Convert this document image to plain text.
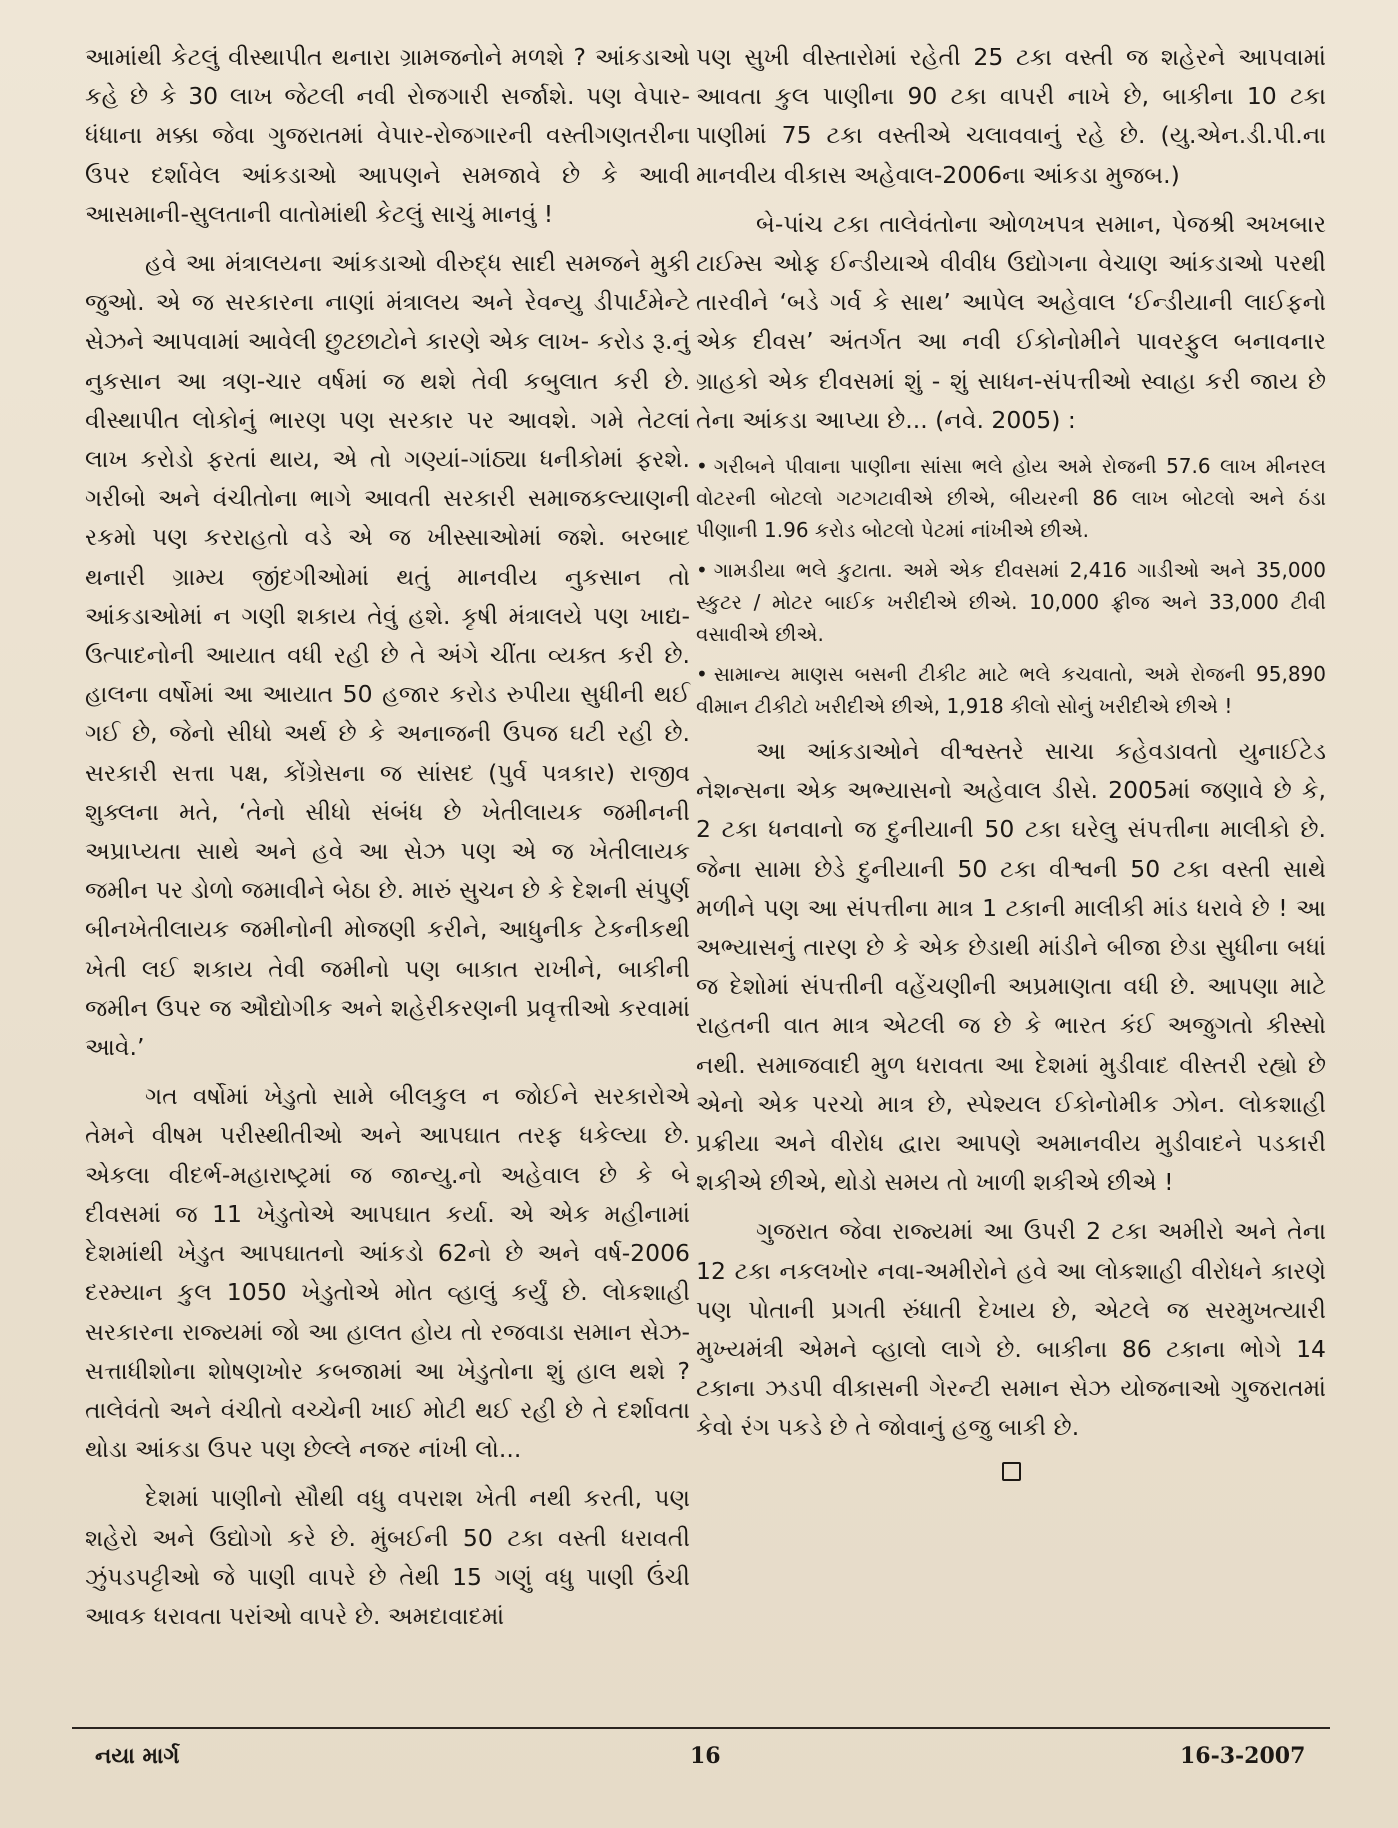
આમાંથી કેટલું વીસ્થાપીત થનારા ગ્રામજનોને મળશે ? આંકડાઓ કહે છે કે 30 લાખ જેટલી નવી રોજગારી સર્જાશે. પણ વેપાર-ધંધાના મક્કા જેવા ગુજરાતમાં વેપાર-રોજગારની વસ્તીગણતરીના ઉપર દર્શાવેલ આંકડાઓ આપણને સમજાવે છે કે આવી આસમાની-સુલતાની વાતોમાંથી કેટલું સાચું માનવું !

હવે આ મંત્રાલયના આંકડાઓ વીરુદ્ધ સાદી સમજને મુકી જુઓ. એ જ સરકારના નાણાં મંત્રાલય અને રેવન્યુ ડીપાર્ટમેન્ટે સેઝને આપવામાં આવેલી છુટછાટોને કારણે એક લાખ- કરોડ રૂ.નું નુકસાન આ ત્રણ-ચાર વર્ષમાં જ થશે તેવી કબુલાત કરી છે. વીસ્થાપીત લોકોનું ભારણ પણ સરકાર પર આવશે. ગમે તેટલાં લાખ કરોડો ફરતાં થાય, એ તો ગણ્યાં-ગાંઠ્યા ધનીકોમાં ફરશે. ગરીબો અને વંચીતોના ભાગે આવતી સરકારી સમાજકલ્યાણની રકમો પણ કરરાહતો વડે એ જ ખીસ્સાઓમાં જશે. બરબાદ થનારી ગ્રામ્ય જીંદગીઓમાં થતું માનવીય નુકસાન તો આંકડાઓમાં ન ગણી શકાય તેવું હશે. કૃષી મંત્રાલયે પણ ખાદ્ય- ઉત્પાદનોની આયાત વધી રહી છે તે અંગે ચીંતા વ્યક્ત કરી છે. હાલના વર્ષોમાં આ આયાત 50 હજાર કરોડ રુપીયા સુધીની થઈ ગઈ છે, જેનો સીધો અર્થ છે કે અનાજની ઉપજ ઘટી રહી છે. સરકારી સત્તા પક્ષ, કોંગ્રેસના જ સાંસદ (પુર્વ પત્રકાર) રાજીવ શુક્લના મતે, ‘તેનો સીધો સંબંધ છે ખેતીલાયક જમીનની અપ્રાપ્યતા સાથે અને હવે આ સેઝ પણ એ જ ખેતીલાયક જમીન પર ડોળો જમાવીને બેઠા છે. મારું સુચન છે કે દેશની સંપુર્ણ બીનખેતીલાયક જમીનોની મોજણી કરીને, આધુનીક ટેકનીકથી ખેતી લઈ શકાય તેવી જમીનો પણ બાકાત રાખીને, બાકીની જમીન ઉપર જ ઔદ્યોગીક અને શહેરીકરણની પ્રવૃત્તીઓ કરવામાં આવે.’

ગત વર્ષોમાં ખેડુતો સામે બીલકુલ ન જોઈને સરકારોએ તેમને વીષમ પરીસ્થીતીઓ અને આપઘાત તરફ ધકેલ્યા છે. એકલા વીદર્ભ-મહારાષ્ટ્રમાં જ જાન્યુ.નો અહેવાલ છે કે બે દીવસમાં જ 11 ખેડુતોએ આપઘાત કર્યા. એ એક મહીનામાં દેશમાંથી ખેડુત આપઘાતનો આંકડો 62નો છે અને વર્ષ-2006 દરમ્યાન કુલ 1050 ખેડુતોએ મોત વ્હાલું કર્યું છે. લોકશાહી સરકારના રાજ્યમાં જો આ હાલત હોય તો રજવાડા સમાન સેઝ-સત્તાધીશોના શોષણખોર કબજામાં આ ખેડુતોના શું હાલ થશે ? તાલેવંતો અને વંચીતો વચ્ચેની ખાઈ મોટી થઈ રહી છે તે દર્શાવતા થોડા આંકડા ઉપર પણ છેલ્લે નજર નાંખી લો...

દેશમાં પાણીનો સૌથી વધુ વપરાશ ખેતી નથી કરતી, પણ શહેરો અને ઉદ્યોગો કરે છે. મુંબઈની 50 ટકા વસ્તી ધરાવતી ઝુંપડપટ્ટીઓ જે પાણી વાપરે છે તેથી 15 ગણું વધુ પાણી ઉંચી આવક ધરાવતા પરાંઓ વાપરે છે. અમદાવાદમાં

પણ સુખી વીસ્તારોમાં રહેતી 25 ટકા વસ્તી જ શહેરને આપવામાં આવતા કુલ પાણીના 90 ટકા વાપરી નાખે છે, બાકીના 10 ટકા પાણીમાં 75 ટકા વસ્તીએ ચલાવવાનું રહે છે. (યુ.એન.ડી.પી.ના માનવીય વીકાસ અહેવાલ-2006ના આંકડા મુજબ.)

બે-પાંચ ટકા તાલેવંતોના ઓળખપત્ર સમાન, પેજશ્રી અખબાર ટાઈમ્સ ઓફ ઈન્ડીયાએ વીવીધ ઉદ્યોગના વેચાણ આંકડાઓ પરથી તારવીને ‘બડે ગર્વ કે સાથ’ આપેલ અહેવાલ ‘ઈન્ડીયાની લાઈફનો એક દીવસ’ અંતર્ગત આ નવી ઈકોનોમીને પાવરફુલ બનાવનાર ગ્રાહકો એક દીવસમાં શું - શું સાધન-સંપત્તીઓ સ્વાહા કરી જાય છે તેના આંકડા આપ્યા છે... (નવે. 2005) :

• ગરીબને પીવાના પાણીના સાંસા ભલે હોય અમે રોજની 57.6 લાખ મીનરલ વોટરની બોટલો ગટગટાવીએ છીએ, બીયરની 86 લાખ બોટલો અને ઠંડા પીણાની 1.96 કરોડ બોટલો પેટમાં નાંખીએ છીએ.
• ગામડીયા ભલે કુટાતા. અમે એક દીવસમાં 2,416 ગાડીઓ અને 35,000 સ્કુટર / મોટર બાઈક ખરીદીએ છીએ. 10,000 ફ્રીજ અને 33,000 ટીવી વસાવીએ છીએ.
• સામાન્ય માણસ બસની ટીકીટ માટે ભલે કચવાતો, અમે રોજની 95,890 વીમાન ટીકીટો ખરીદીએ છીએ, 1,918 કીલો સોનું ખરીદીએ છીએ !

આ આંકડાઓને વીશ્વસ્તરે સાચા કહેવડાવતો યુનાઈટેડ નેશન્સના એક અભ્યાસનો અહેવાલ ડીસે. 2005માં જણાવે છે કે, 2 ટકા ધનવાનો જ દુનીયાની 50 ટકા ઘરેલુ સંપત્તીના માલીકો છે. જેના સામા છેડે દુનીયાની 50 ટકા વીશ્વની 50 ટકા વસ્તી સાથે મળીને પણ આ સંપત્તીના માત્ર 1 ટકાની માલીકી માંડ ધરાવે છે ! આ અભ્યાસનું તારણ છે કે એક છેડાથી માંડીને બીજા છેડા સુધીના બધાં જ દેશોમાં સંપત્તીની વહેંચણીની અપ્રમાણતા વધી છે. આપણા માટે રાહતની વાત માત્ર એટલી જ છે કે ભારત કંઈ અજુગતો કીસ્સો નથી. સમાજવાદી મુળ ધરાવતા આ દેશમાં મુડીવાદ વીસ્તરી રહ્યો છે એનો એક પરચો માત્ર છે, સ્પેશ્યલ ઈકોનોમીક ઝોન. લોકશાહી પ્રક્રીયા અને વીરોધ દ્વારા આપણે અમાનવીય મુડીવાદને પડકારી શકીએ છીએ, થોડો સમય તો ખાળી શકીએ છીએ !

ગુજરાત જેવા રાજ્યમાં આ ઉપરી 2 ટકા અમીરો અને તેના 12 ટકા નકલખોર નવા-અમીરોને હવે આ લોકશાહી વીરોધને કારણે પણ પોતાની પ્રગતી રુંધાતી દેખાય છે, એટલે જ સરમુખત્યારી મુખ્યમંત્રી એમને વ્હાલો લાગે છે. બાકીના 86 ટકાના ભોગે 14 ટકાના ઝડપી વીકાસની ગેરન્ટી સમાન સેઝ યોજનાઓ ગુજરાતમાં કેવો રંગ પકડે છે તે જોવાનું હજુ બાકી છે.

નયા માર્ગ	16	16-3-2007
